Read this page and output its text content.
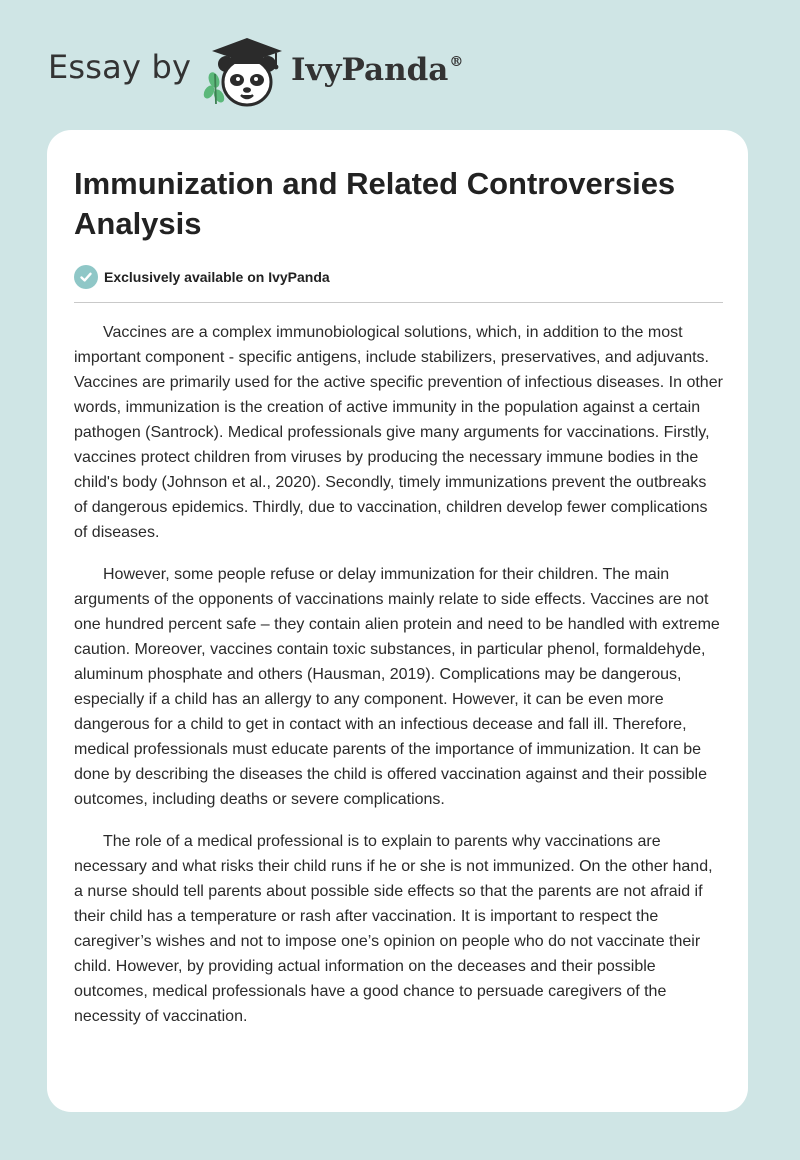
Essay by	IvyPanda®
Immunization and Related Controversies Analysis
Exclusively available on IvyPanda

Vaccines are a complex immunobiological solutions, which, in addition to the most important component - specific antigens, include stabilizers, preservatives, and adjuvants. Vaccines are primarily used for the active specific prevention of infectious diseases. In other words, immunization is the creation of active immunity in the population against a certain pathogen (Santrock). Medical professionals give many arguments for vaccinations. Firstly, vaccines protect children from viruses by producing the necessary immune bodies in the child's body (Johnson et al., 2020). Secondly, timely immunizations prevent the outbreaks of dangerous epidemics. Thirdly, due to vaccination, children develop fewer complications of diseases.

However, some people refuse or delay immunization for their children. The main arguments of the opponents of vaccinations mainly relate to side effects. Vaccines are not one hundred percent safe – they contain alien protein and need to be handled with extreme caution. Moreover, vaccines contain toxic substances, in particular phenol, formaldehyde, aluminum phosphate and others (Hausman, 2019). Complications may be dangerous, especially if a child has an allergy to any component. However, it can be even more dangerous for a child to get in contact with an infectious decease and fall ill. Therefore, medical professionals must educate parents of the importance of immunization. It can be done by describing the diseases the child is offered vaccination against and their possible outcomes, including deaths or severe complications.

The role of a medical professional is to explain to parents why vaccinations are necessary and what risks their child runs if he or she is not immunized. On the other hand, a nurse should tell parents about possible side effects so that the parents are not afraid if their child has a temperature or rash after vaccination. It is important to respect the caregiver’s wishes and not to impose one’s opinion on people who do not vaccinate their child. However, by providing actual information on the deceases and their possible outcomes, medical professionals have a good chance to persuade caregivers of the necessity of vaccination.
